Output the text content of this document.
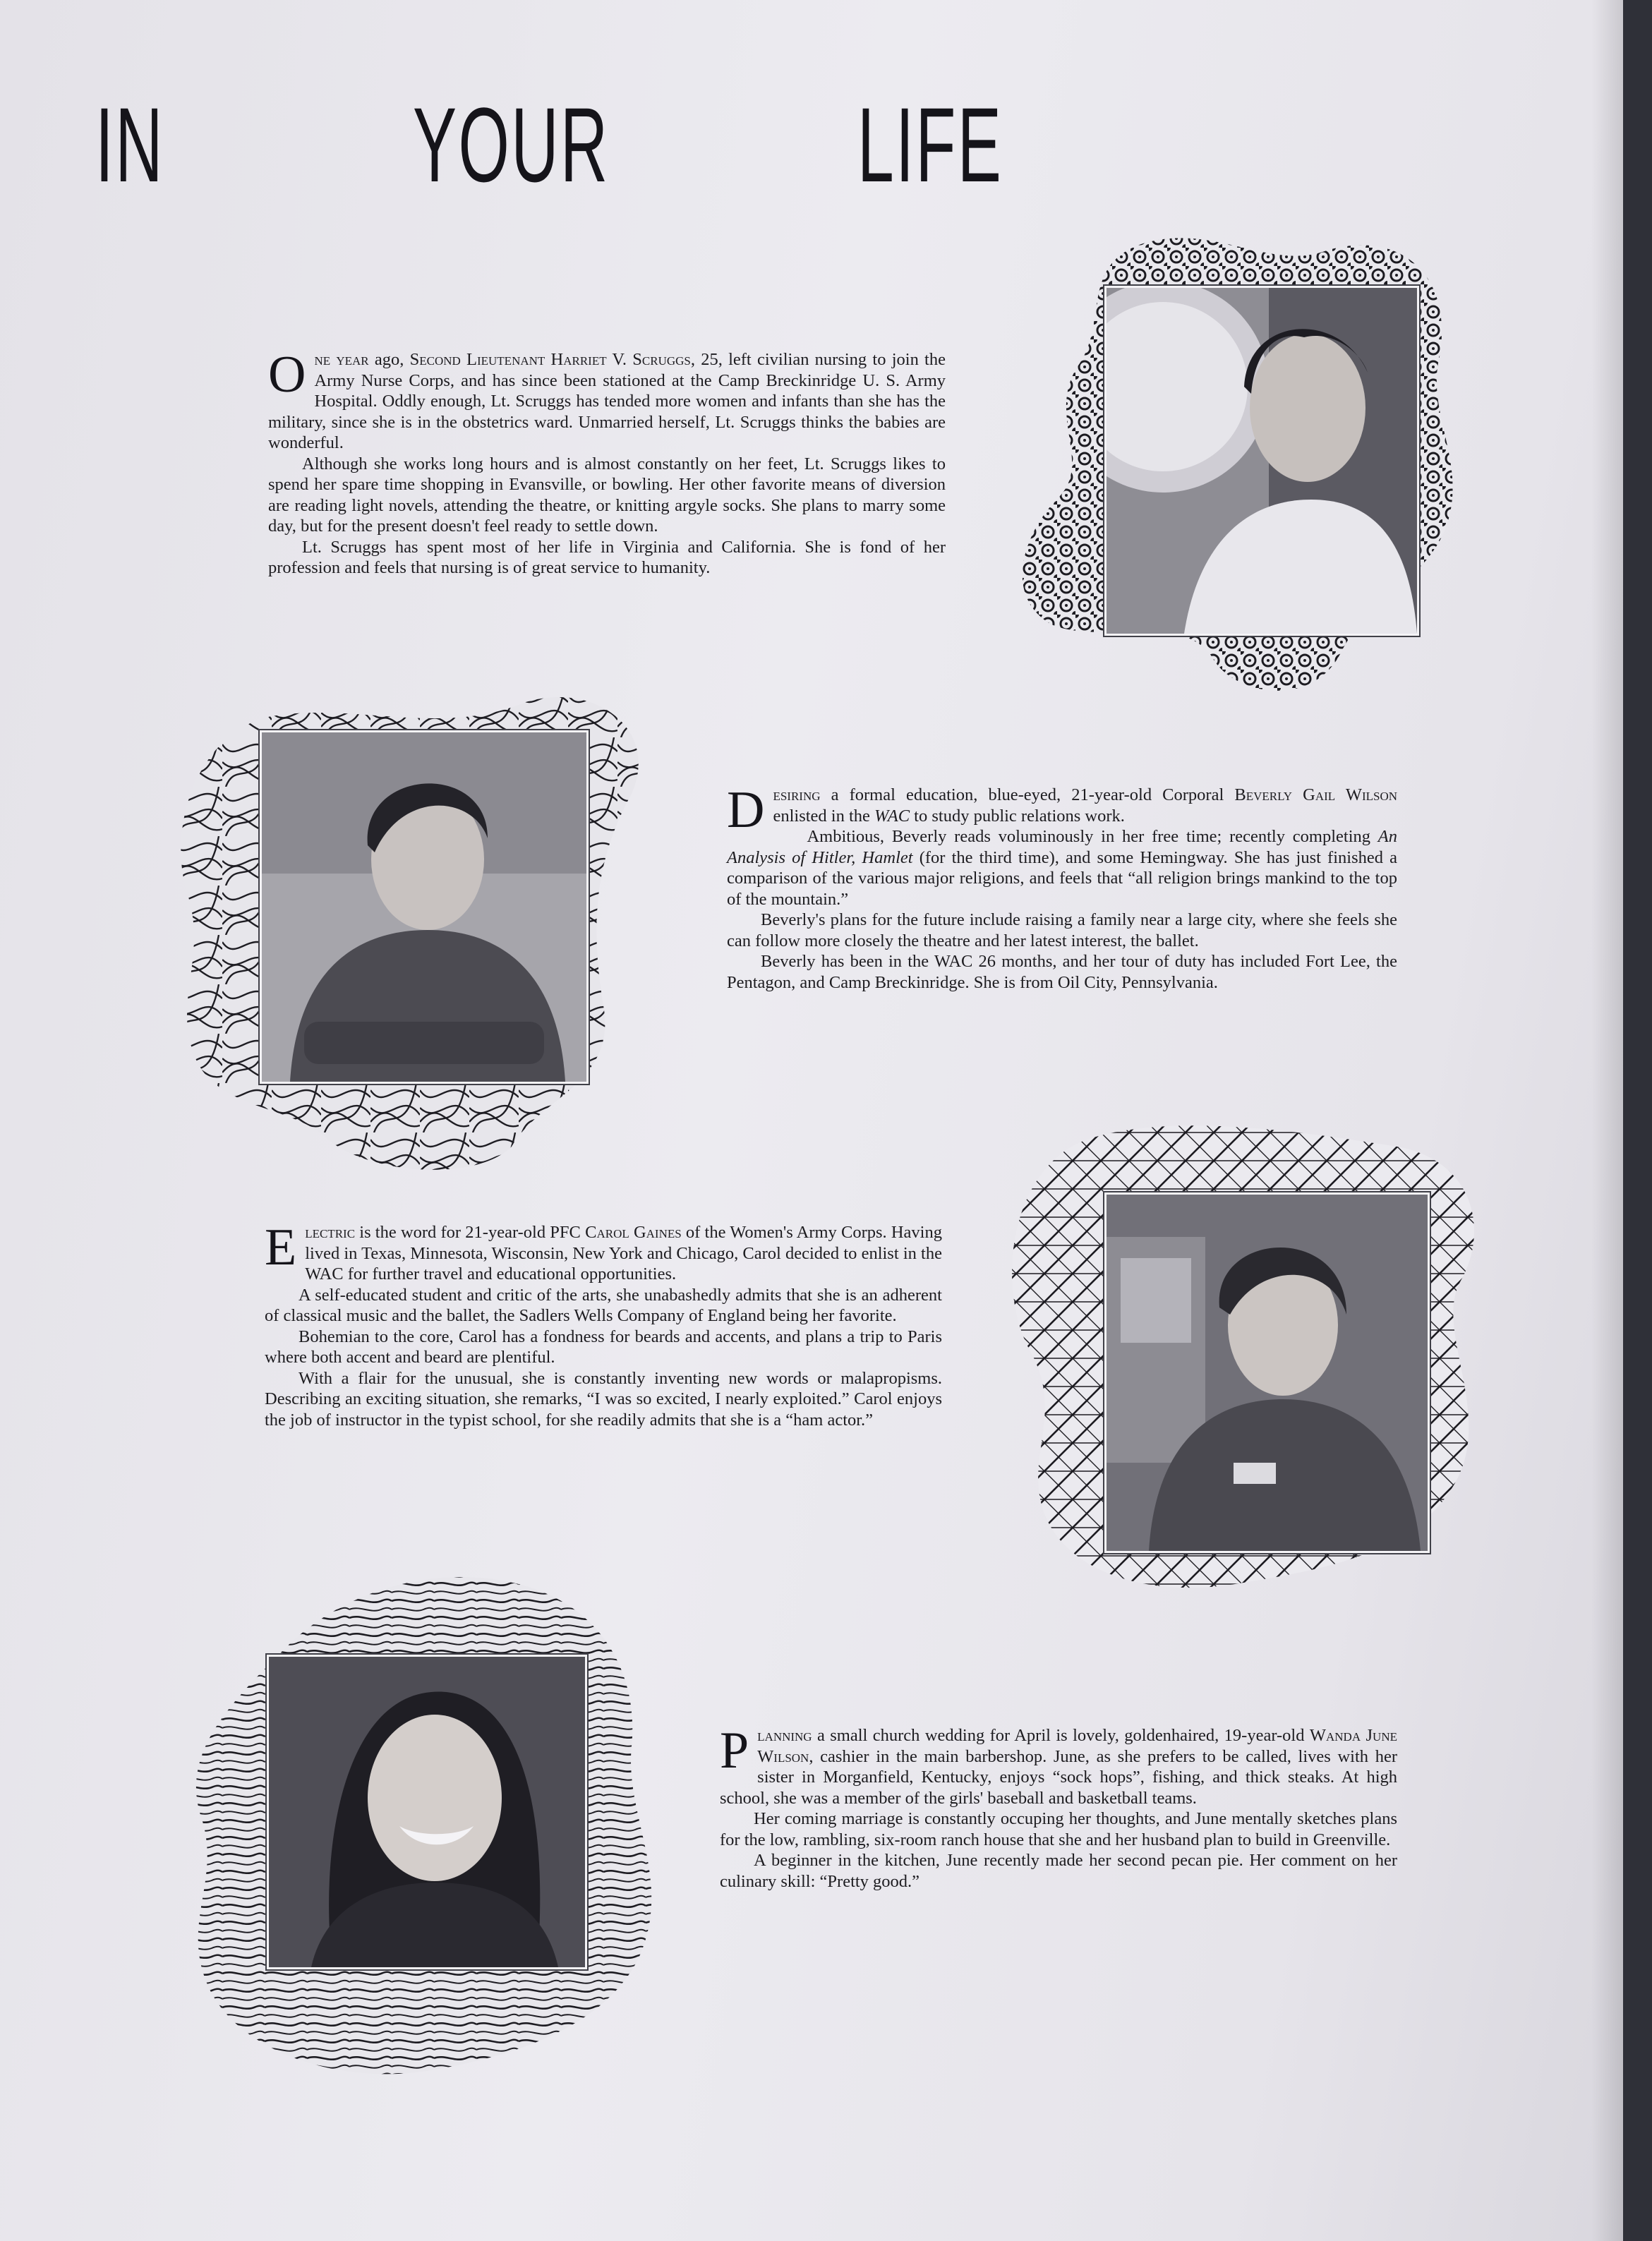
IN YOUR LIFE

One year ago, Second Lieutenant Harriet V. Scruggs, 25, left civilian nursing to join the Army Nurse Corps, and has since been stationed at the Camp Breckinridge U. S. Army Hospital. Oddly enough, Lt. Scruggs has tended more women and infants than she has the military, since she is in the obstetrics ward. Unmarried herself, Lt. Scruggs thinks the babies are wonderful.

Although she works long hours and is almost constantly on her feet, Lt. Scruggs likes to spend her spare time shopping in Evansville, or bowling. Her other favorite means of diversion are reading light novels, attending the theatre, or knitting argyle socks. She plans to marry some day, but for the present doesn't feel ready to settle down.

Lt. Scruggs has spent most of her life in Virginia and California. She is fond of her profession and feels that nursing is of great service to humanity.

Desiring a formal education, blue-eyed, 21-year-old Corporal Beverly Gail Wilson enlisted in the WAC to study public relations work.

Ambitious, Beverly reads voluminously in her free time; recently completing An Analysis of Hitler, Hamlet (for the third time), and some Hemingway. She has just finished a comparison of the various major religions, and feels that “all religion brings mankind to the top of the mountain.”

Beverly's plans for the future include raising a family near a large city, where she feels she can follow more closely the theatre and her latest interest, the ballet.

Beverly has been in the WAC 26 months, and her tour of duty has included Fort Lee, the Pentagon, and Camp Breckinridge. She is from Oil City, Pennsylvania.

Electric is the word for 21-year-old PFC Carol Gaines of the Women's Army Corps. Having lived in Texas, Minnesota, Wisconsin, New York and Chicago, Carol decided to enlist in the WAC for further travel and educational opportunities.

A self-educated student and critic of the arts, she unabashedly admits that she is an adherent of classical music and the ballet, the Sadlers Wells Company of England being her favorite.

Bohemian to the core, Carol has a fondness for beards and accents, and plans a trip to Paris where both accent and beard are plentiful.

With a flair for the unusual, she is constantly inventing new words or malapropisms. Describing an exciting situation, she remarks, “I was so excited, I nearly exploited.” Carol enjoys the job of instructor in the typist school, for she readily admits that she is a “ham actor.”

Planning a small church wedding for April is lovely, goldenhaired, 19-year-old Wanda June Wilson, cashier in the main barbershop. June, as she prefers to be called, lives with her sister in Morganfield, Kentucky, enjoys “sock hops”, fishing, and thick steaks. At high school, she was a member of the girls' baseball and basketball teams.

Her coming marriage is constantly occuping her thoughts, and June mentally sketches plans for the low, rambling, six-room ranch house that she and her husband plan to build in Greenville.

A beginner in the kitchen, June recently made her second pecan pie. Her comment on her culinary skill: “Pretty good.”
